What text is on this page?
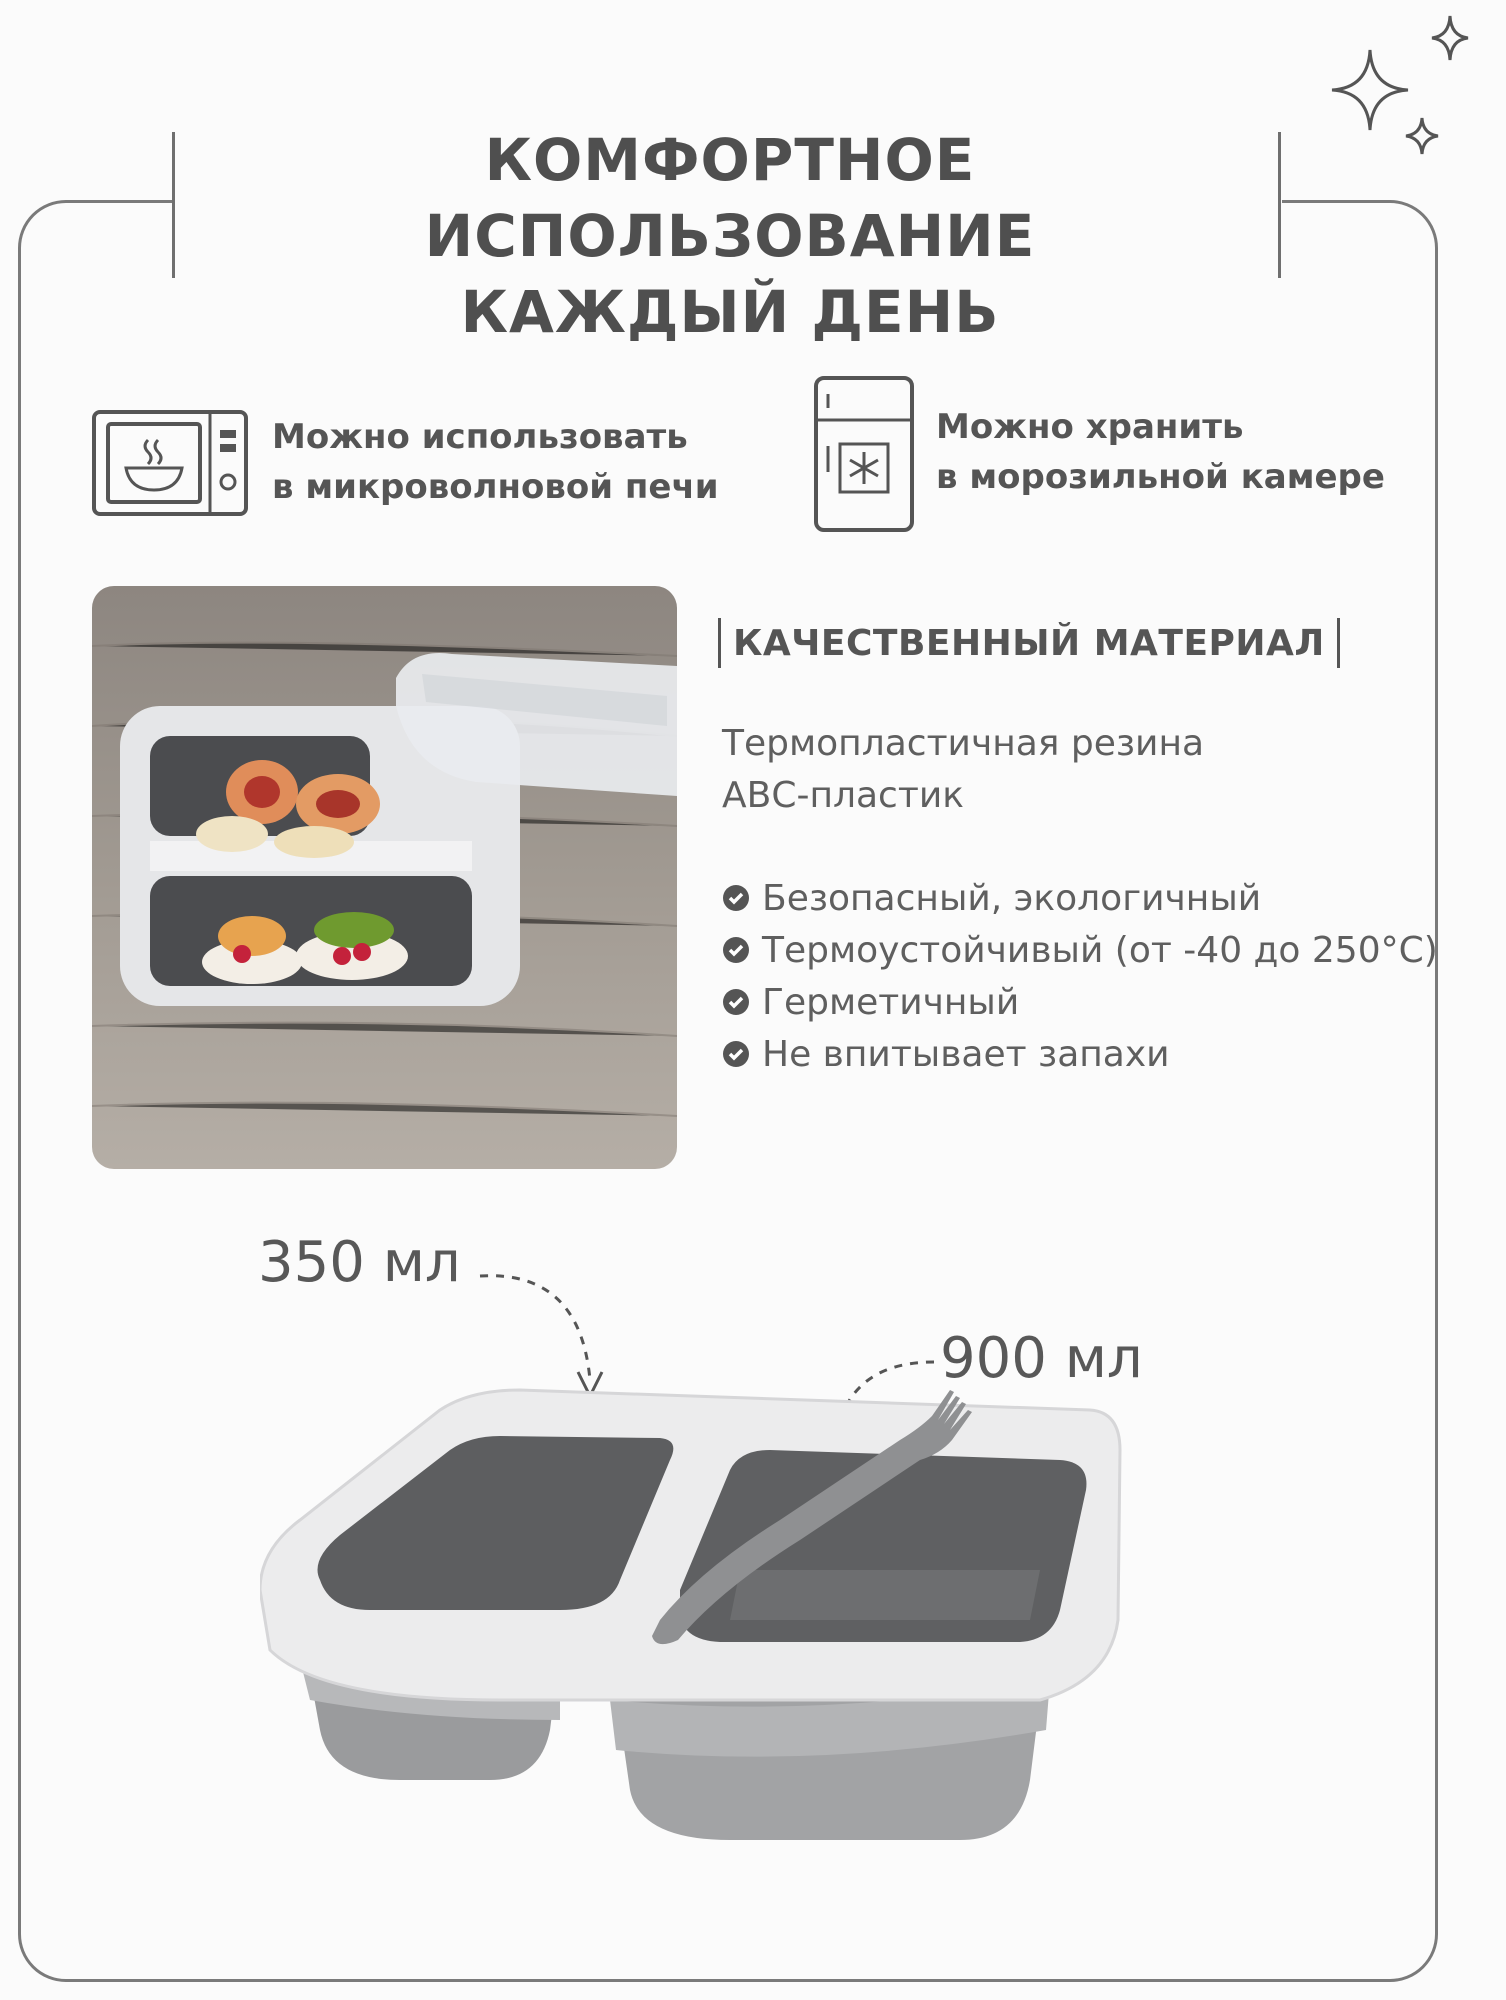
КОМФОРТНОЕ ИСПОЛЬЗОВАНИЕ
КАЖДЫЙ ДЕНЬ
Можно использовать
в микроволновой печи
Можно хранить
в морозильной камере
КАЧЕСТВЕННЫЙ МАТЕРИАЛ
Термопластичная резина
АВС-пластик
Безопасный, экологичный
Термоустойчивый (от -40 до 250°С)
Герметичный
Не впитывает запахи
350 мл
900 мл
